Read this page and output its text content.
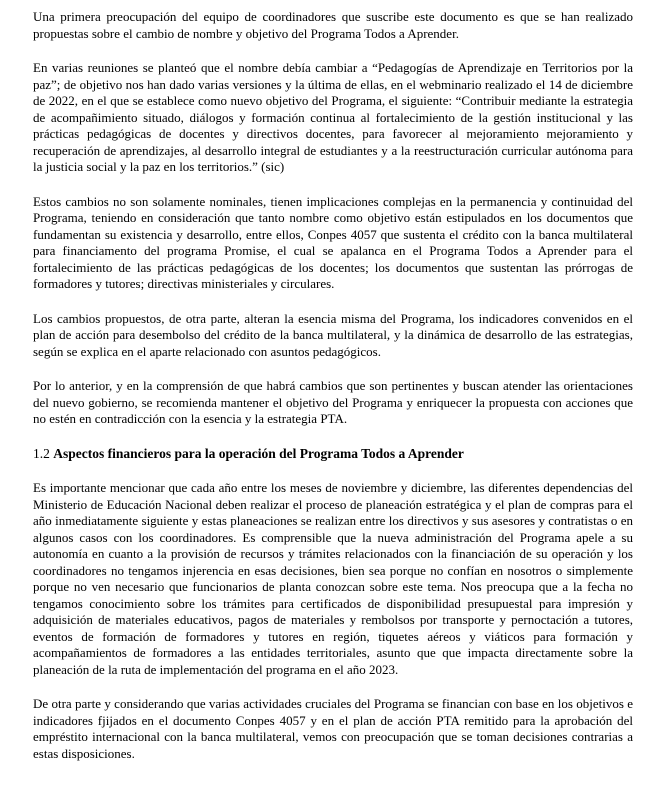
Una primera preocupación del equipo de coordinadores que suscribe este documento es que se han realizado propuestas sobre el cambio de nombre y objetivo del Programa Todos a Aprender.

En varias reuniones se planteó que el nombre debía cambiar a “Pedagogías de Aprendizaje en Territorios por la paz”; de objetivo nos han dado varias versiones y la última de ellas, en el webminario realizado el 14 de diciembre de 2022, en el que se establece como nuevo objetivo del Programa, el siguiente: “Contribuir mediante la estrategia de acompañimiento situado, diálogos y formación continua al fortalecimiento de la gestión institucional y las prácticas pedagógicas de docentes y directivos docentes, para favorecer al mejoramiento mejoramiento y recuperación de aprendizajes, al desarrollo integral de estudiantes y a la reestructuración curricular autónoma para la justicia social y la paz en los territorios.” (sic)

Estos cambios no son solamente nominales, tienen implicaciones complejas en la permanencia y continuidad del Programa, teniendo en consideración que tanto nombre como objetivo están estipulados en los documentos que fundamentan su existencia y desarrollo, entre ellos, Conpes 4057 que sustenta el crédito con la banca multilateral para financiamento del programa Promise, el cual se apalanca en el Programa Todos a Aprender para el fortalecimiento de las prácticas pedagógicas de los docentes; los documentos que sustentan las prórrogas de formadores y tutores; directivas ministeriales y circulares.

Los cambios propuestos, de otra parte, alteran la esencia misma del Programa, los indicadores convenidos en el plan de acción para desembolso del crédito de la banca multilateral, y la dinámica de desarrollo de las estrategias, según se explica en el aparte relacionado con asuntos pedagógicos.

Por lo anterior, y en la comprensión de que habrá cambios que son pertinentes y buscan atender las orientaciones del nuevo gobierno, se recomienda mantener el objetivo del Programa y enriquecer la propuesta con acciones que no estén en contradicción con la esencia y la estrategia PTA.

1.2 Aspectos financieros para la operación del Programa Todos a Aprender

Es importante mencionar que cada año entre los meses de noviembre y diciembre, las diferentes dependencias del Ministerio de Educación Nacional deben realizar el proceso de planeación estratégica y el plan de compras para el año inmediatamente siguiente y estas planeaciones se realizan entre los directivos y sus asesores y contratistas o en algunos casos con los coordinadores. Es comprensible que la nueva administración del Programa apele a su autonomía en cuanto a la provisión de recursos y trámites relacionados con la financiación de su operación y los coordinadores no tengamos injerencia en esas decisiones, bien sea porque no confían en nosotros o simplemente porque no ven necesario que funcionarios de planta conozcan sobre este tema. Nos preocupa que a la fecha no tengamos conocimiento sobre los trámites para certificados de disponibilidad presupuestal para impresión y adquisición de materiales educativos, pagos de materiales y rembolsos por transporte y pernoctación a tutores, eventos de formación de formadores y tutores en región, tiquetes aéreos y viáticos para formación y acompañamientos de formadores a las entidades territoriales, asunto que que impacta directamente sobre la planeación de la ruta de implementación del programa en el año 2023.

De otra parte y considerando que varias actividades cruciales del Programa se financian con base en los objetivos e indicadores fjijados en el documento Conpes 4057 y en el plan de acción PTA remitido para la aprobación del empréstito internacional con la banca multilateral, vemos con preocupación que se toman decisiones contrarias a estas disposiciones.
